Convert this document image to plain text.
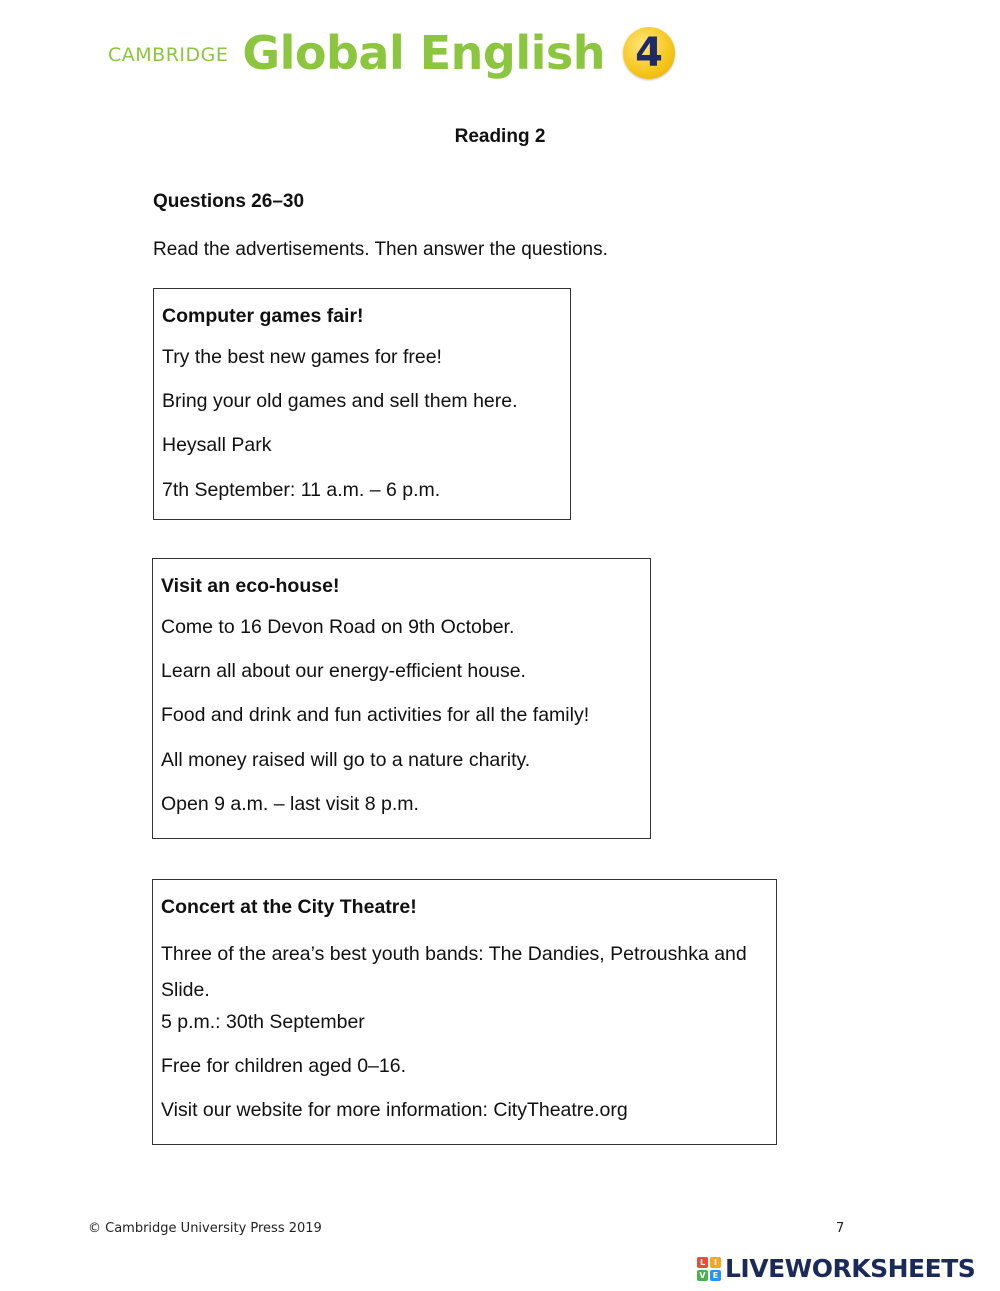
CAMBRIDGE Global English 4
Reading 2
Questions 26–30
Read the advertisements. Then answer the questions.
Computer games fair!
Try the best new games for free!
Bring your old games and sell them here.
Heysall Park
7th September: 11 a.m. – 6 p.m.
Visit an eco-house!
Come to 16 Devon Road on 9th October.
Learn all about our energy-efficient house.
Food and drink and fun activities for all the family!
All money raised will go to a nature charity.
Open 9 a.m. – last visit 8 p.m.
Concert at the City Theatre!
Three of the area’s best youth bands: The Dandies, Petroushka and Slide.
5 p.m.: 30th September
Free for children aged 0–16.
Visit our website for more information: CityTheatre.org
© Cambridge University Press 2019	7
L	I
V E LIVEWORKSHEETS
